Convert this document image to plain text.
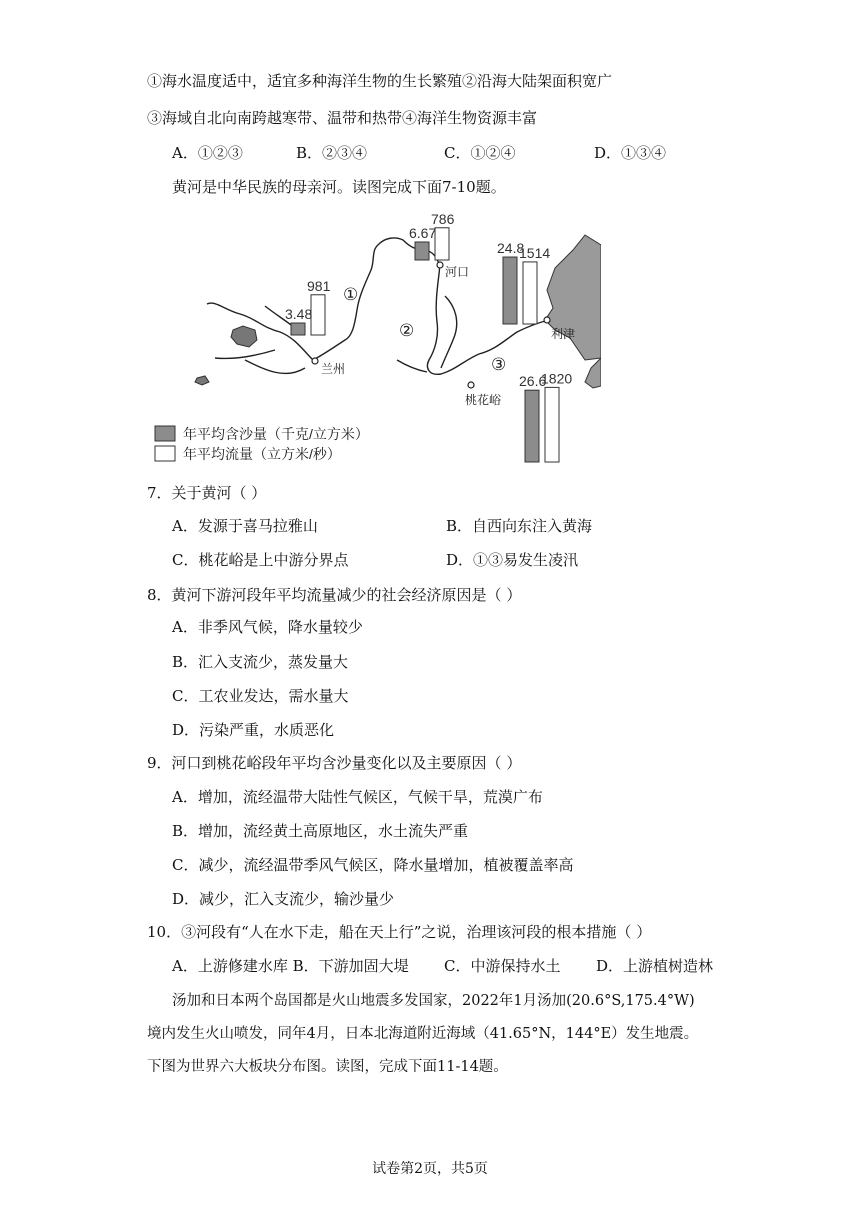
①海水温度适中，适宜多种海洋生物的生长繁殖②沿海大陆架面积宽广
③海域自北向南跨越寒带、温带和热带④海洋生物资源丰富
A．①②③	B．②③④	C．①②④	D．①③④
黄河是中华民族的母亲河。读图完成下面7-10题。
3.48
981
6.67
786
26.6
1820
24.8
1514
兰州
河口
桃花峪
利津
①
②
③
年平均含沙量（千克/立方米）
年平均流量（立方米/秒）
7．关于黄河（ ）
A．发源于喜马拉雅山	B．自西向东注入黄海
C．桃花峪是上中游分界点	D．①③易发生凌汛
8．黄河下游河段年平均流量减少的社会经济原因是（ ）
A．非季风气候，降水量较少
B．汇入支流少，蒸发量大
C．工农业发达，需水量大
D．污染严重，水质恶化
9．河口到桃花峪段年平均含沙量变化以及主要原因（ ）
A．增加，流经温带大陆性气候区，气候干旱，荒漠广布
B．增加，流经黄土高原地区，水土流失严重
C．减少，流经温带季风气候区，降水量增加，植被覆盖率高
D．减少，汇入支流少，输沙量少
10．③河段有“人在水下走，船在天上行”之说，治理该河段的根本措施（ ）
A．上游修建水库 B．下游加固大堤 C．中游保持水土 D．上游植树造林
汤加和日本两个岛国都是火山地震多发国家，2022年1月汤加(20.6°S,175.4°W)
境内发生火山喷发，同年4月，日本北海道附近海域（41.65°N，144°E）发生地震。
下图为世界六大板块分布图。读图，完成下面11-14题。
试卷第2页，共5页
